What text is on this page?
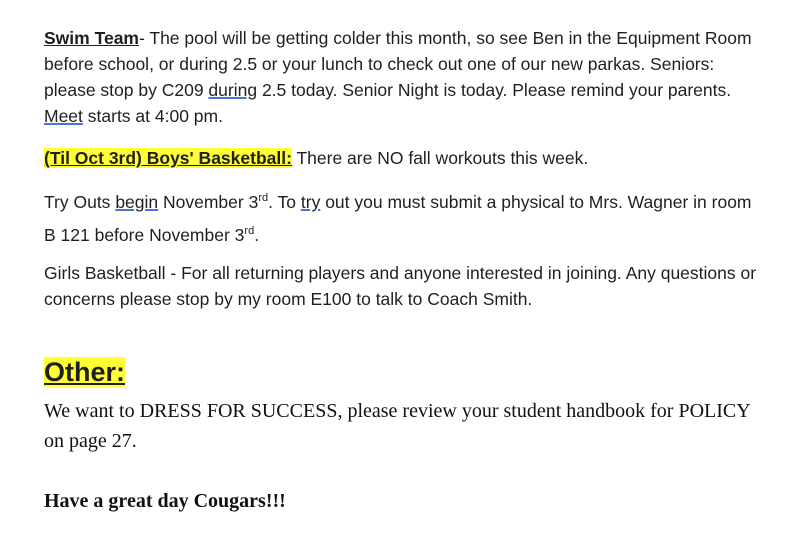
Swim Team- The pool will be getting colder this month, so see Ben in the Equipment Room before school, or during 2.5 or your lunch to check out one of our new parkas. Seniors: please stop by C209 during 2.5 today. Senior Night is today. Please remind your parents. Meet starts at 4:00 pm.

(Til Oct 3rd) Boys' Basketball: There are NO fall workouts this week.

Try Outs begin November 3rd. To try out you must submit a physical to Mrs. Wagner in room B 121 before November 3rd.

Girls Basketball - For all returning players and anyone interested in joining. Any questions or concerns please stop by my room E100 to talk to Coach Smith.

Other:

We want to DRESS FOR SUCCESS, please review your student handbook for POLICY on page 27.

Have a great day Cougars!!!
